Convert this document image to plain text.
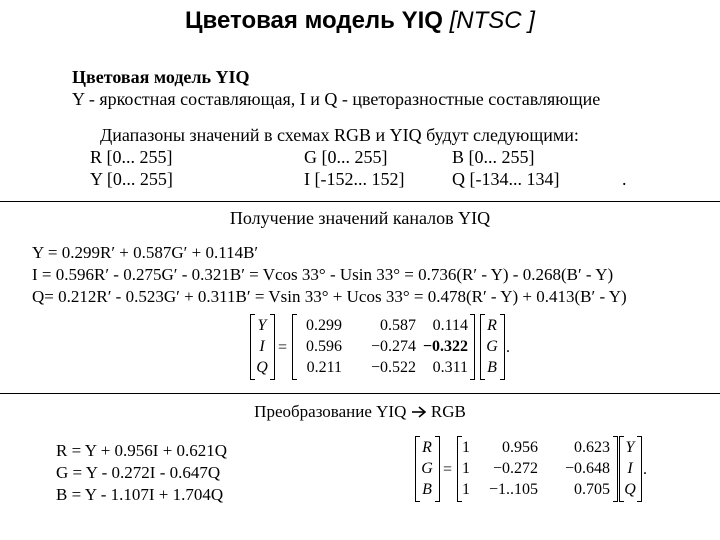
Цветовая модель YIQ [NTSC ]
Цветовая модель YIQ
Y - яркостная составляющая, I и Q - цветоразностные составляющие
Диапазоны значений в схемах RGB и YIQ будут следующими:
R [0... 255]	G [0... 255]	B [0... 255]
Y [0... 255]	I [-152... 152]	Q [-134... 134]	.
Получение значений каналов YIQ
Y = 0.299R′ + 0.587G′ + 0.114B′
I = 0.596R′ - 0.275G′ - 0.321B′ = Vcos 33° - Usin 33° = 0.736(R′ - Y) - 0.268(B′ - Y)
Q= 0.212R′ - 0.523G′ + 0.311B′ = Vsin 33° + Ucos 33° = 0.478(R′ - Y) + 0.413(B′ - Y)
Y
I
Q
=
0.299	0.587	0.114
0.596	−0.274 −0.322
0.211	−0.522	0.311
R
G
B
.
Преобразование YIQ RGB
R = Y + 0.956I + 0.621Q
G = Y - 0.272I - 0.647Q
B = Y - 1.107I + 1.704Q
R
G
B
=
1	0.956	0.623
1	−0.272	−0.648
1	−1..105	0.705
Y
I
Q
.
